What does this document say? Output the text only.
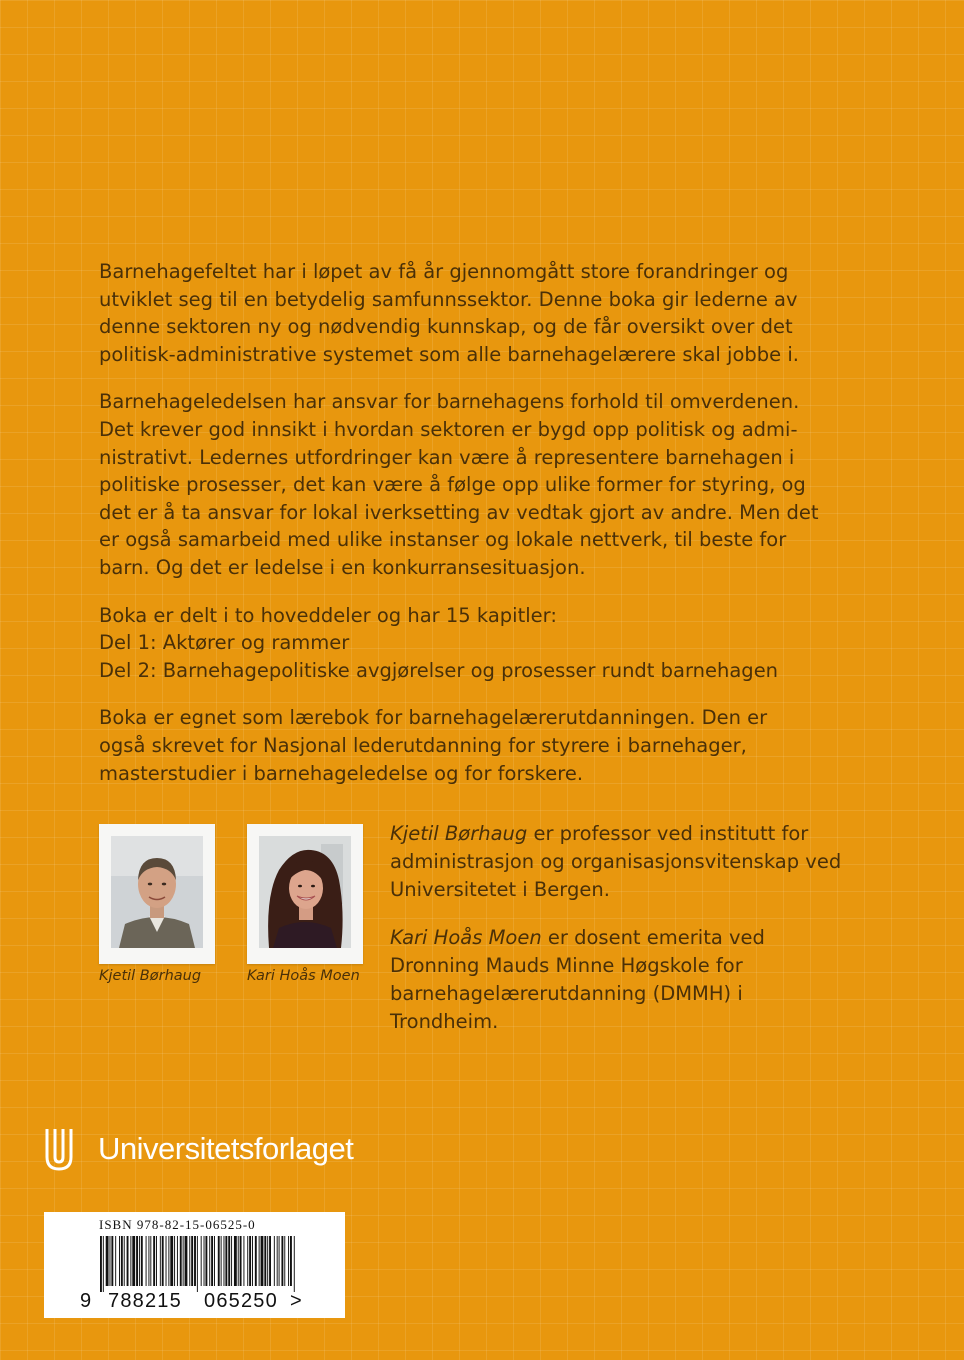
Barnehagefeltet har i løpet av få år gjennomgått store forandringer og
utviklet seg til en betydelig samfunnssektor. Denne boka gir lederne av
denne sektoren ny og nødvendig kunnskap, og de får oversikt over det
politisk-administrative systemet som alle barnehagelærere skal jobbe i.

Barnehageledelsen har ansvar for barnehagens forhold til omverdenen.
Det krever god innsikt i hvordan sektoren er bygd opp politisk og admi-
nistrativt. Ledernes utfordringer kan være å representere barnehagen i
politiske prosesser, det kan være å følge opp ulike former for styring, og
det er å ta ansvar for lokal iverksetting av vedtak gjort av andre. Men det
er også samarbeid med ulike instanser og lokale nettverk, til beste for
barn. Og det er ledelse i en konkurransesituasjon.

Boka er delt i to hoveddeler og har 15 kapitler:
Del 1: Aktører og rammer
Del 2: Barnehagepolitiske avgjørelser og prosesser rundt barnehagen

Boka er egnet som lærebok for barnehagelærerutdanningen. Den er
også skrevet for Nasjonal lederutdanning for styrere i barnehager,
masterstudier i barnehageledelse og for forskere.

Kjetil Børhaug	Kari Hoås Moen

Kjetil Børhaug er professor ved institutt for administrasjon og organisasjonsvitenskap ved Universitetet i Bergen.

Kari Hoås Moen er dosent emerita ved Dronning Mauds Minne Høgskole for barnehagelærerutdanning (DMMH) i Trondheim.

Universitetsforlaget
ISBN 978-82-15-06525-0
9 788215 065250 >
